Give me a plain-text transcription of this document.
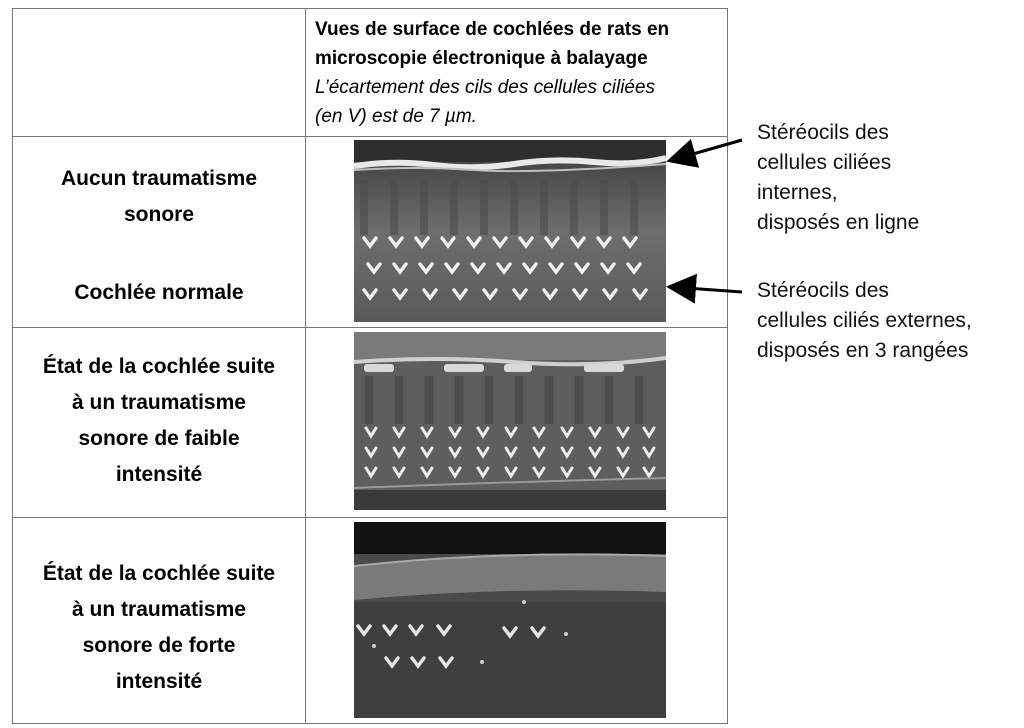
Vues de surface de cochlées de rats en
microscopie électronique à balayage
L’écartement des cils des cellules ciliées
(en V) est de 7 µm.
Aucun traumatisme
sonore
Cochlée normale
État de la cochlée suite
à un traumatisme
sonore de faible
intensité
État de la cochlée suite
à un traumatisme
sonore de forte
intensité
Stéréocils des
cellules ciliées
internes,
disposés en ligne
Stéréocils des
cellules ciliés externes,
disposés en 3 rangées
